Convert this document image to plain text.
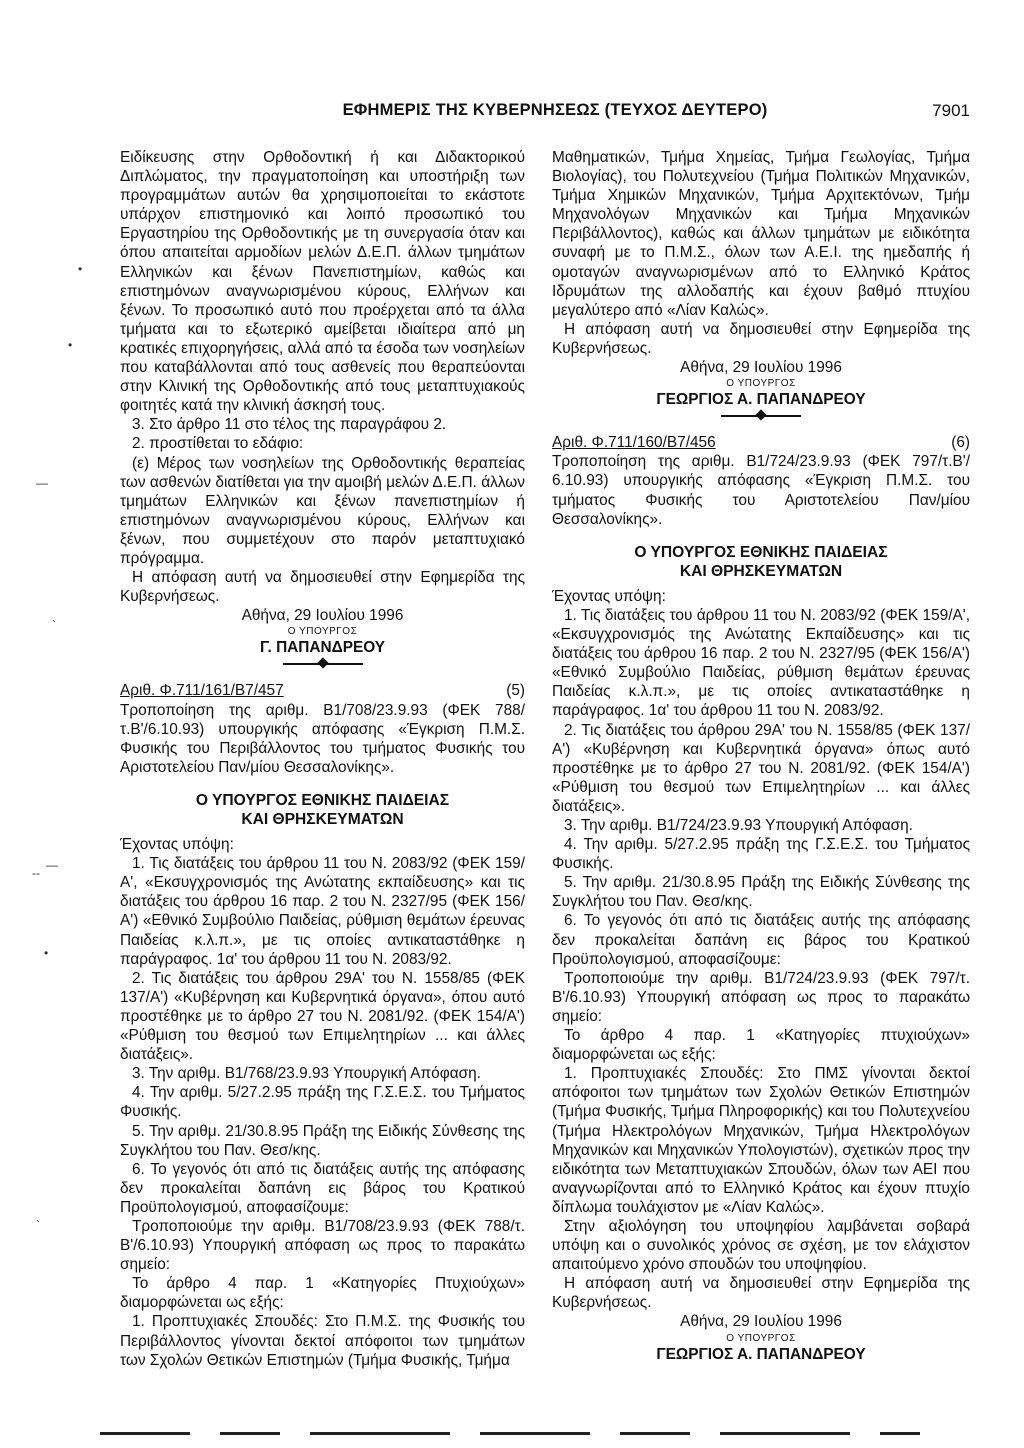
ΕΦΗΜΕΡΙΣ ΤΗΣ ΚΥΒΕΡΝΗΣΕΩΣ (ΤΕΥΧΟΣ ΔΕΥΤΕΡΟ)	7901

Ειδίκευσης στην Ορθοδοντική ή και Διδακτορικού Διπλώματος, την πραγματοποίηση και υποστήριξη των προγραμμάτων αυτών θα χρησιμοποιείται το εκάστοτε υπάρχον επιστημονικό και λοιπό προσωπικό του Εργαστηρίου της Ορθοδοντικής με τη συνεργασία όταν και όπου απαιτείται αρμοδίων μελών Δ.Ε.Π. άλλων τμημάτων Ελληνικών και ξένων Πανεπιστημίων, καθώς και επιστημόνων αναγνωρισμένου κύρους, Ελλήνων και ξένων. Το προσωπικό αυτό που προέρχεται από τα άλλα τμήματα και το εξωτερικό αμείβεται ιδιαίτερα από μη κρατικές επιχορηγήσεις, αλλά από τα έσοδα των νοσηλείων που καταβάλλονται από τους ασθενείς που θεραπεύονται στην Κλινική της Ορθοδοντικής από τους μεταπτυχιακούς φοιτητές κατά την κλινική άσκησή τους.

3. Στο άρθρο 11 στο τέλος της παραγράφου 2.

2. προστίθεται το εδάφιο:

(ε) Μέρος των νοσηλείων της Ορθοδοντικής θεραπείας των ασθενών διατίθεται για την αμοιβή μελών Δ.Ε.Π. άλλων τμημάτων Ελληνικών και ξένων πανεπιστημίων ή επιστημόνων αναγνωρισμένου κύρους, Ελλήνων και ξένων, που συμμετέχουν στο παρόν μεταπτυχιακό πρόγραμμα.

Η απόφαση αυτή να δημοσιευθεί στην Εφημερίδα της Κυβερνήσεως.

Αθήνα, 29 Ιουλίου 1996

Ο ΥΠΟΥΡΓΟΣ

Γ. ΠΑΠΑΝΔΡΕΟΥ

Αριθ. Φ.711/161/Β7/457	(5)

Τροποποίηση της αριθμ. Β1/708/23.9.93 (ΦΕΚ 788/τ.Β'/6.10.93) υπουργικής απόφασης «Έγκριση Π.Μ.Σ. Φυσικής του Περιβάλλοντος του τμήματος Φυσικής του Αριστοτελείου Παν/μίου Θεσσαλονίκης».

Ο ΥΠΟΥΡΓΟΣ ΕΘΝΙΚΗΣ ΠΑΙΔΕΙΑΣ

ΚΑΙ ΘΡΗΣΚΕΥΜΑΤΩΝ

Έχοντας υπόψη:

1. Τις διατάξεις του άρθρου 11 του Ν. 2083/92 (ΦΕΚ 159/Α', «Εκσυγχρονισμός της Ανώτατης εκπαίδευσης» και τις διατάξεις του άρθρου 16 παρ. 2 του Ν. 2327/95 (ΦΕΚ 156/Α') «Εθνικό Συμβούλιο Παιδείας, ρύθμιση θεμάτων έρευνας Παιδείας κ.λ.π.», με τις οποίες αντικαταστάθηκε η παράγραφος. 1α' του άρθρου 11 του Ν. 2083/92.

2. Τις διατάξεις του άρθρου 29Α' του Ν. 1558/85 (ΦΕΚ 137/Α') «Κυβέρνηση και Κυβερνητικά όργανα», όπου αυτό προστέθηκε με το άρθρο 27 του Ν. 2081/92. (ΦΕΚ 154/Α') «Ρύθμιση του θεσμού των Επιμελητηρίων ... και άλλες διατάξεις».

3. Την αριθμ. Β1/768/23.9.93 Υπουργική Απόφαση.

4. Την αριθμ. 5/27.2.95 πράξη της Γ.Σ.Ε.Σ. του Τμήματος Φυσικής.

5. Την αριθμ. 21/30.8.95 Πράξη της Ειδικής Σύνθεσης της Συγκλήτου του Παν. Θεσ/κης.

6. Το γεγονός ότι από τις διατάξεις αυτής της απόφασης δεν προκαλείται δαπάνη εις βάρος του Κρατικού Προϋπολογισμού, αποφασίζουμε:

Τροποποιούμε την αριθμ. Β1/708/23.9.93 (ΦΕΚ 788/τ. Β'/6.10.93) Υπουργική απόφαση ως προς το παρακάτω σημείο:

Το άρθρο 4 παρ. 1 «Κατηγορίες Πτυχιούχων» διαμορφώνεται ως εξής:

1. Προπτυχιακές Σπουδές: Στο Π.Μ.Σ. της Φυσικής του Περιβάλλοντος γίνονται δεκτοί απόφοιτοι των τμημάτων των Σχολών Θετικών Επιστημών (Τμήμα Φυσικής, Τμήμα

Μαθηματικών, Τμήμα Χημείας, Τμήμα Γεωλογίας, Τμήμα Βιολογίας), του Πολυτεχνείου (Τμήμα Πολιτικών Μηχανικών, Τμήμα Χημικών Μηχανικών, Τμήμα Αρχιτεκτόνων, Τμήμ Μηχανολόγων Μηχανικών και Τμήμα Μηχανικών Περιβάλλοντος), καθώς και άλλων τμημάτων με ειδικότητα συναφή με το Π.Μ.Σ., όλων των Α.Ε.Ι. της ημεδαπής ή ομοταγών αναγνωρισμένων από το Ελληνικό Κράτος Ιδρυμάτων της αλλοδαπής και έχουν βαθμό πτυχίου μεγαλύτερο από «Λίαν Καλώς».

Η απόφαση αυτή να δημοσιευθεί στην Εφημερίδα της Κυβερνήσεως.

Αθήνα, 29 Ιουλίου 1996

Ο ΥΠΟΥΡΓΟΣ

ΓΕΩΡΓΙΟΣ Α. ΠΑΠΑΝΔΡΕΟΥ

Αριθ. Φ.711/160/Β7/456	(6)

Τροποποίηση της αριθμ. Β1/724/23.9.93 (ΦΕΚ 797/τ.Β'/ 6.10.93) υπουργικής απόφασης «Έγκριση Π.Μ.Σ. του τμήματος Φυσικής του Αριστοτελείου Παν/μίου Θεσσαλονίκης».

Ο ΥΠΟΥΡΓΟΣ ΕΘΝΙΚΗΣ ΠΑΙΔΕΙΑΣ

ΚΑΙ ΘΡΗΣΚΕΥΜΑΤΩΝ

Έχοντας υπόψη:

1. Τις διατάξεις του άρθρου 11 του Ν. 2083/92 (ΦΕΚ 159/Α', «Εκσυγχρονισμός της Ανώτατης Εκπαίδευσης» και τις διατάξεις του άρθρου 16 παρ. 2 του Ν. 2327/95 (ΦΕΚ 156/Α') «Εθνικό Συμβούλιο Παιδείας, ρύθμιση θεμάτων έρευνας Παιδείας κ.λ.π.», με τις οποίες αντικαταστάθηκε η παράγραφος. 1α' του άρθρου 11 του Ν. 2083/92.

2. Τις διατάξεις του άρθρου 29Α' του Ν. 1558/85 (ΦΕΚ 137/Α') «Κυβέρνηση και Κυβερνητικά όργανα» όπως αυτό προστέθηκε με το άρθρο 27 του Ν. 2081/92. (ΦΕΚ 154/Α') «Ρύθμιση του θεσμού των Επιμελητηρίων ... και άλλες διατάξεις».

3. Την αριθμ. Β1/724/23.9.93 Υπουργική Απόφαση.

4. Την αριθμ. 5/27.2.95 πράξη της Γ.Σ.Ε.Σ. του Τμήματος Φυσικής.

5. Την αριθμ. 21/30.8.95 Πράξη της Ειδικής Σύνθεσης της Συγκλήτου του Παν. Θεσ/κης.

6. Το γεγονός ότι από τις διατάξεις αυτής της απόφασης δεν προκαλείται δαπάνη εις βάρος του Κρατικού Προϋπολογισμού, αποφασίζουμε:

Τροποποιούμε την αριθμ. Β1/724/23.9.93 (ΦΕΚ 797/τ. Β'/6.10.93) Υπουργική απόφαση ως προς το παρακάτω σημείο:

Το άρθρο 4 παρ. 1 «Κατηγορίες πτυχιούχων» διαμορφώνεται ως εξής:

1. Προπτυχιακές Σπουδές: Στο ΠΜΣ γίνονται δεκτοί απόφοιτοι των τμημάτων των Σχολών Θετικών Επιστημών (Τμήμα Φυσικής, Τμήμα Πληροφορικής) και του Πολυτεχνείου (Τμήμα Ηλεκτρολόγων Μηχανικών, Τμήμα Ηλεκτρολόγων Μηχανικών και Μηχανικών Υπολογιστών), σχετικών προς την ειδικότητα των Μεταπτυχιακών Σπουδών, όλων των ΑΕΙ που αναγνωρίζονται από το Ελληνικό Κράτος και έχουν πτυχίο δίπλωμα τουλάχιστον με «Λίαν Καλώς».

Στην αξιολόγηση του υποψηφίου λαμβάνεται σοβαρά υπόψη και ο συνολικός χρόνος σε σχέση, με τον ελάχιστον απαιτούμενο χρόνο σπουδών του υποψηφίου.

Η απόφαση αυτή να δημοσιευθεί στην Εφημερίδα της Κυβερνήσεως.

Αθήνα, 29 Ιουλίου 1996

Ο ΥΠΟΥΡΓΟΣ

ΓΕΩΡΓΙΟΣ Α. ΠΑΠΑΝΔΡΕΟΥ

•
•
—
`
—
--
•
`
